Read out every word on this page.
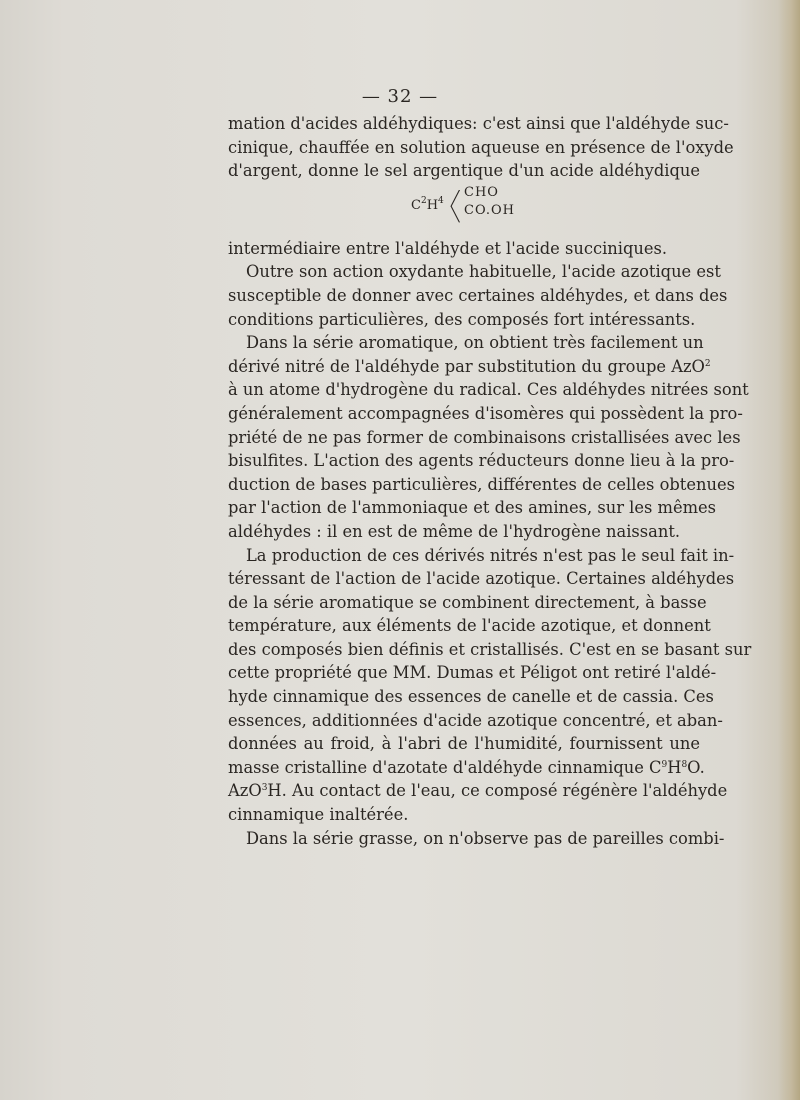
— 32 —
mation d'acides aldéhydiques: c'est ainsi que l'aldéhyde suc-
cinique, chauffée en solution aqueuse en présence de l'oxyde
d'argent, donne le sel argentique d'un acide aldéhydique
$C^2H^4$ ╱
╲
CHO
CO.OH
intermédiaire entre l'aldéhyde et l'acide succiniques.
Outre son action oxydante habituelle, l'acide azotique est
susceptible de donner avec certaines aldéhydes, et dans des
conditions particulières, des composés fort intéressants.
Dans la série aromatique, on obtient très facilement un
dérivé nitré de l'aldéhyde par substitution du groupe AzO$^2$
à un atome d'hydrogène du radical. Ces aldéhydes nitrées sont
généralement accompagnées d'isomères qui possèdent la pro-
priété de ne pas former de combinaisons cristallisées avec les
bisulfites. L'action des agents réducteurs donne lieu à la pro-
duction de bases particulières, différentes de celles obtenues
par l'action de l'ammoniaque et des amines, sur les mêmes
aldéhydes : il en est de même de l'hydrogène naissant.
La production de ces dérivés nitrés n'est pas le seul fait in-
téressant de l'action de l'acide azotique. Certaines aldéhydes
de la série aromatique se combinent directement, à basse
température, aux éléments de l'acide azotique, et donnent
des composés bien définis et cristallisés. C'est en se basant sur
cette propriété que MM. Dumas et Péligot ont retiré l'aldé-
hyde cinnamique des essences de canelle et de cassia. Ces
essences, additionnées d'acide azotique concentré, et aban-
données au froid, à l'abri de l'humidité, fournissent une
masse cristalline d'azotate d'aldéhyde cinnamique $C^9H^8O$.
AzO$^3$H. Au contact de l'eau, ce composé régénère l'aldéhyde
cinnamique inaltérée.
Dans la série grasse, on n'observe pas de pareilles combi-
